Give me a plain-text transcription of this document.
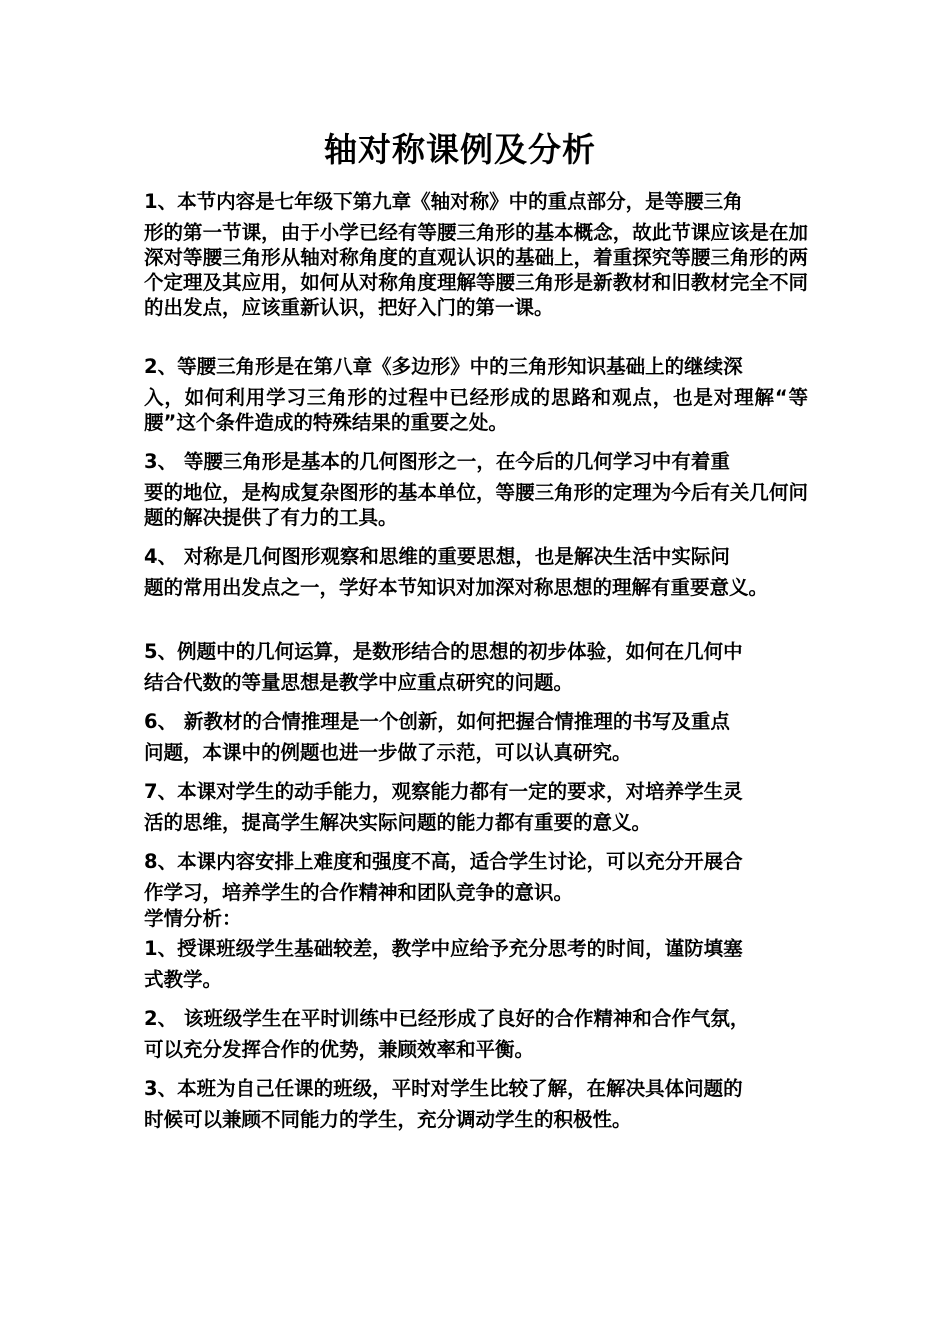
轴对称课例及分析
1、本节内容是七年级下第九章《轴对称》中的重点部分，是等腰三角
形的第一节课，由于小学已经有等腰三角形的基本概念，故此节课应该是在加深对等腰三角形从轴对称角度的直观认识的基础上，着重探究等腰三角形的两个定理及其应用，如何从对称角度理解等腰三角形是新教材和旧教材完全不同的出发点，应该重新认识，把好入门的第一课。
2、等腰三角形是在第八章《多边形》中的三角形知识基础上的继续深
入，如何利用学习三角形的过程中已经形成的思路和观点，也是对理解“等腰”这个条件造成的特殊结果的重要之处。
3、 等腰三角形是基本的几何图形之一，在今后的几何学习中有着重
要的地位，是构成复杂图形的基本单位，等腰三角形的定理为今后有关几何问题的解决提供了有力的工具。
4、 对称是几何图形观察和思维的重要思想，也是解决生活中实际问
题的常用出发点之一，学好本节知识对加深对称思想的理解有重要意义。
5、例题中的几何运算，是数形结合的思想的初步体验，如何在几何中
结合代数的等量思想是教学中应重点研究的问题。
6、 新教材的合情推理是一个创新，如何把握合情推理的书写及重点
问题，本课中的例题也进一步做了示范，可以认真研究。
7、本课对学生的动手能力，观察能力都有一定的要求，对培养学生灵
活的思维，提高学生解决实际问题的能力都有重要的意义。
8、本课内容安排上难度和强度不高，适合学生讨论，可以充分开展合
作学习，培养学生的合作精神和团队竞争的意识。
学情分析：
1、授课班级学生基础较差，教学中应给予充分思考的时间，谨防填塞
式教学。
2、 该班级学生在平时训练中已经形成了良好的合作精神和合作气氛，
可以充分发挥合作的优势，兼顾效率和平衡。
3、本班为自己任课的班级，平时对学生比较了解，在解决具体问题的
时候可以兼顾不同能力的学生，充分调动学生的积极性。
